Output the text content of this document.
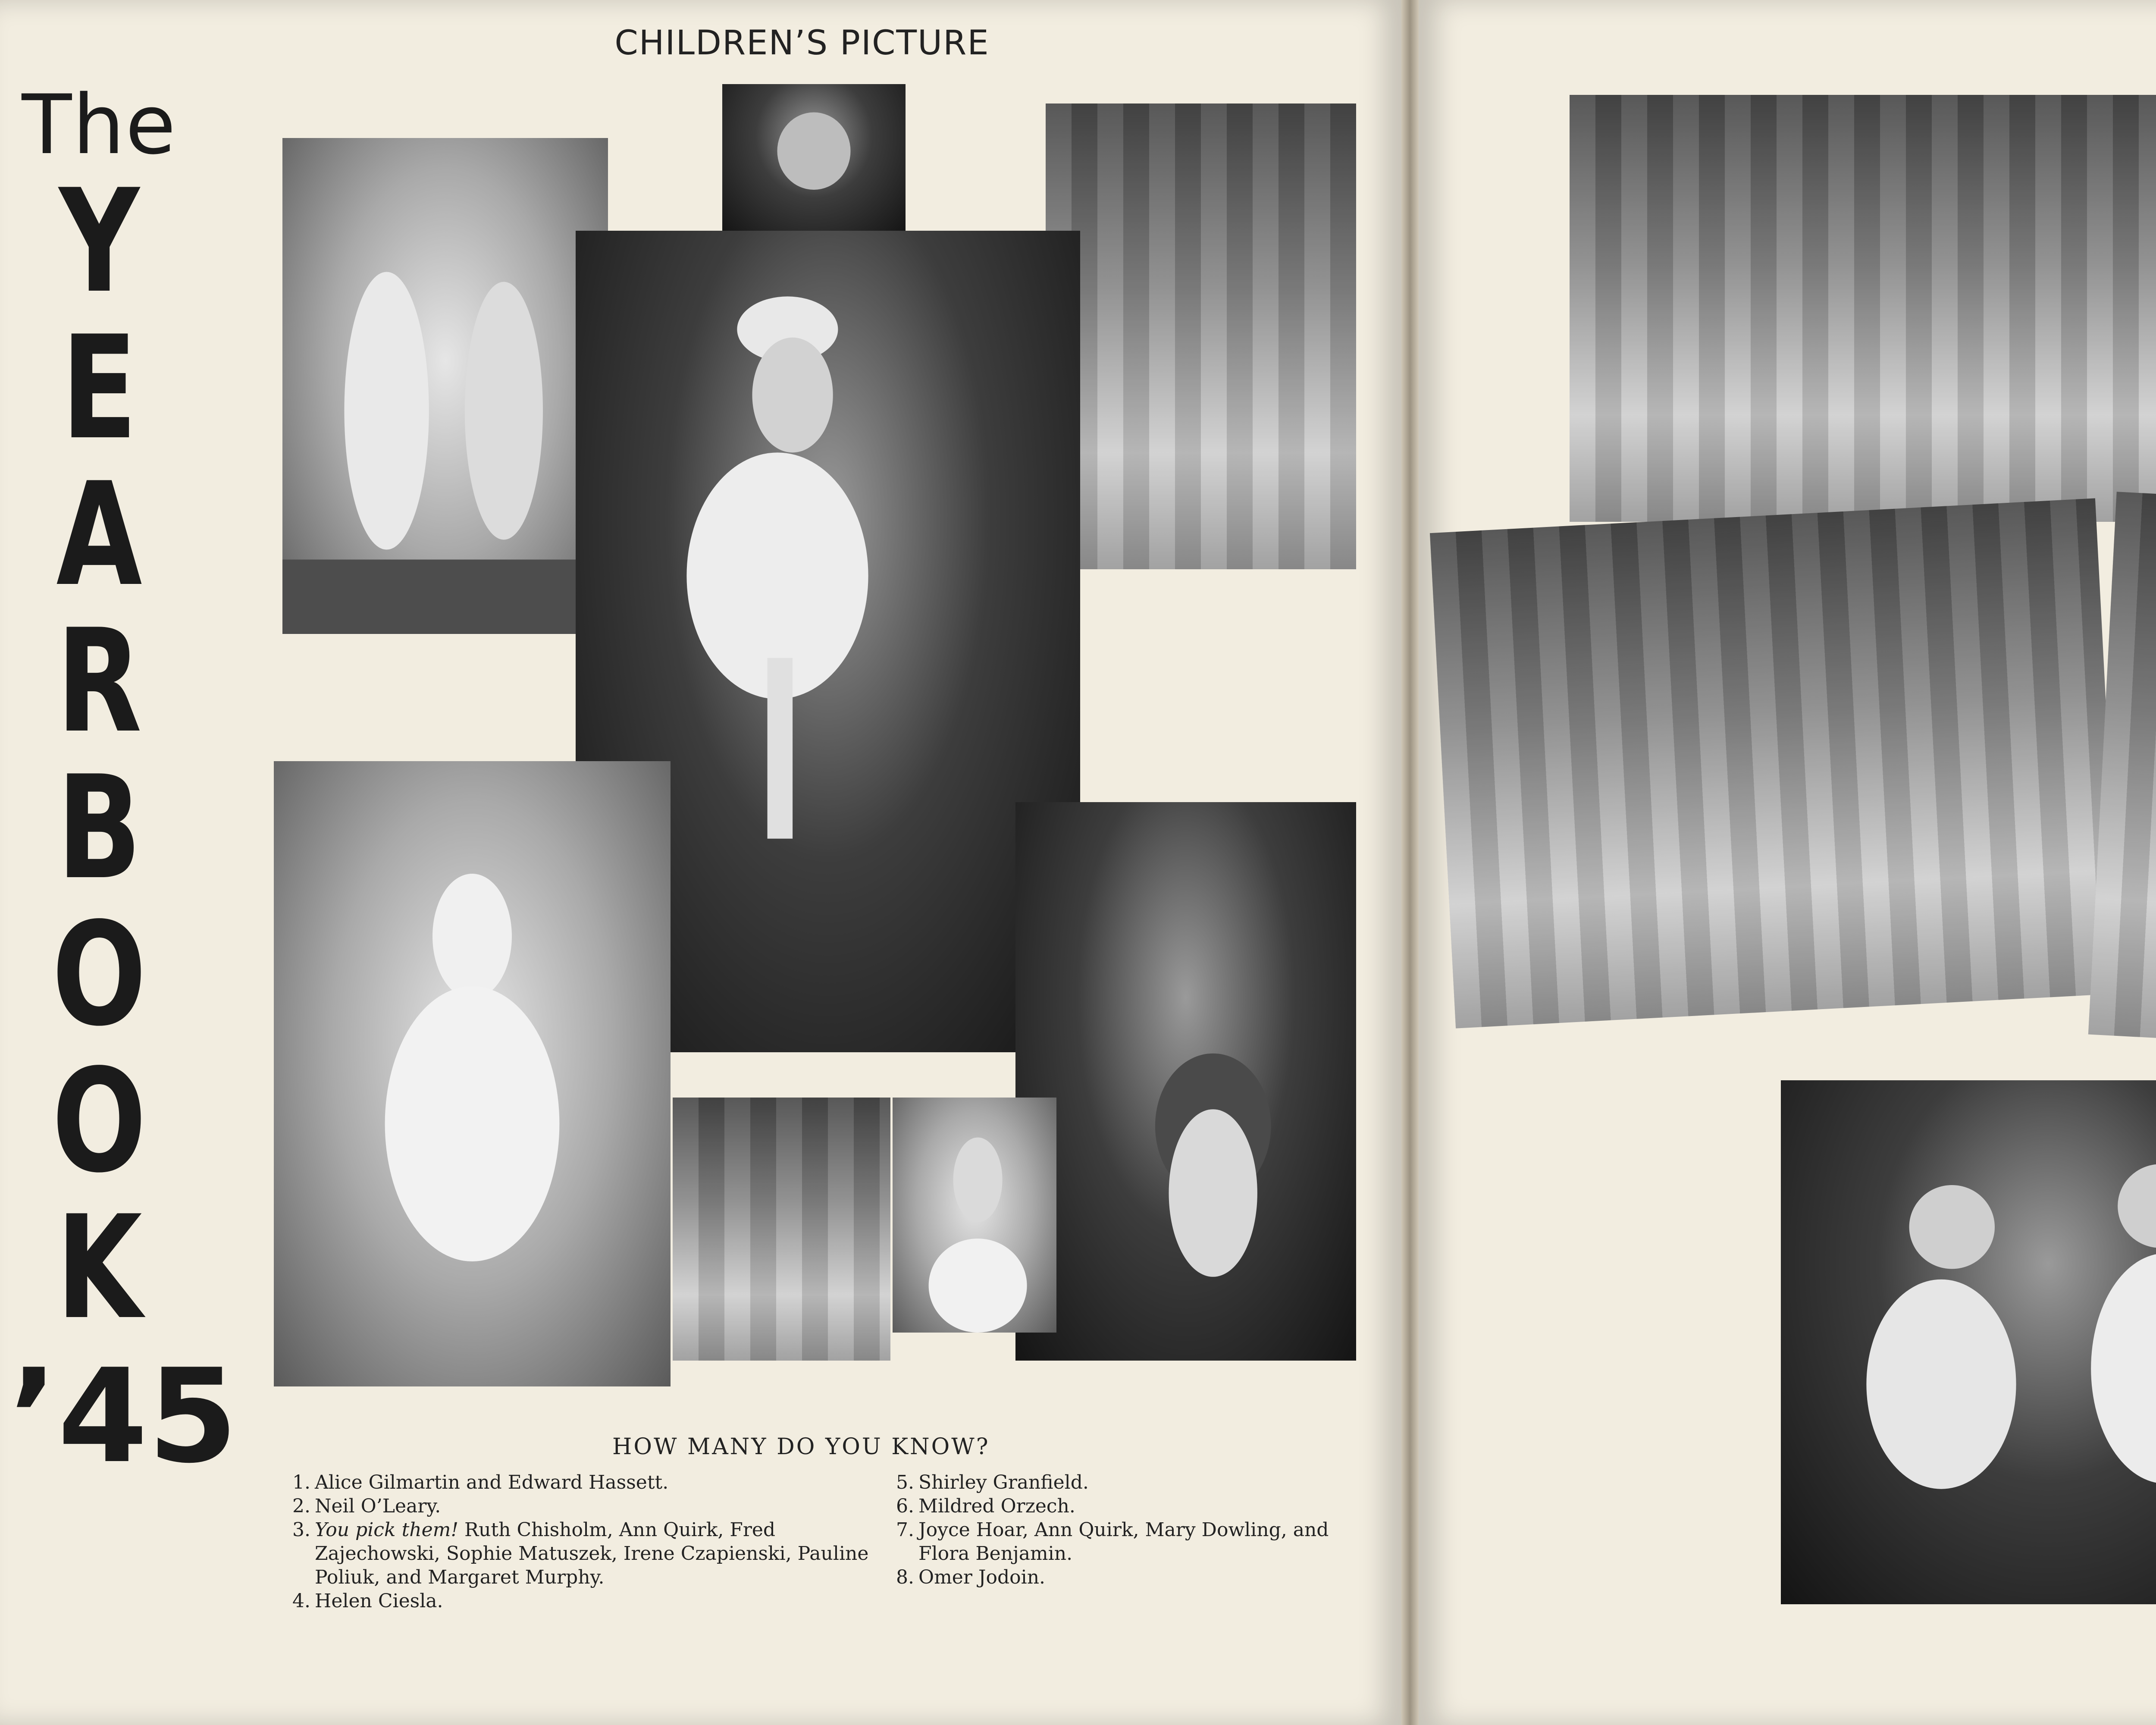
The
Y
E
A
R
B
O
O
K
’45
CHILDREN’S PICTURE
HOW MANY DO YOU KNOW?
1. Alice Gilmartin and Edward Hassett.
2. Neil O’Leary.
3. You pick them! Ruth Chisholm, Ann Quirk, Fred Zajechowski, Sophie Matuszek, Irene Czapienski, Pauline Poliuk, and Margaret Murphy.
4. Helen Ciesla.
5. Shirley Granfield.
6. Mildred Orzech.
7. Joyce Hoar, Ann Quirk, Mary Dowling, and Flora Benjamin.
8. Omer Jodoin.
